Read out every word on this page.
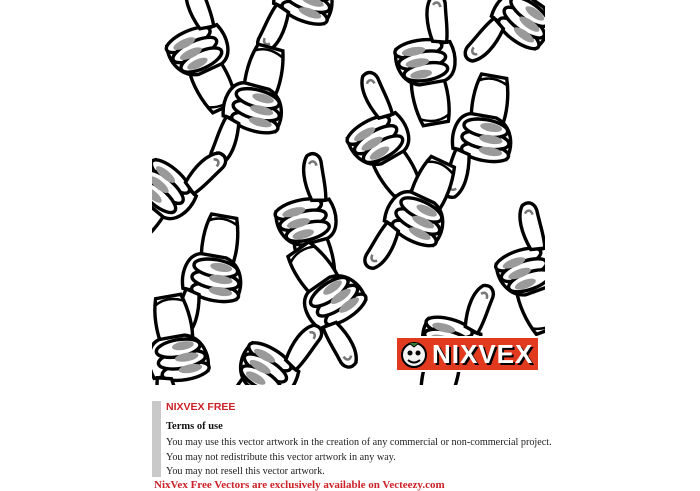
NIXVEX
NIXVEX FREE
Terms of use
You may use this vector artwork in the creation of any commercial or non-commercial project.
You may not redistribute this vector artwork in any way.
You may not resell this vector artwork.
NixVex Free Vectors are exclusively available on Vecteezy.com
